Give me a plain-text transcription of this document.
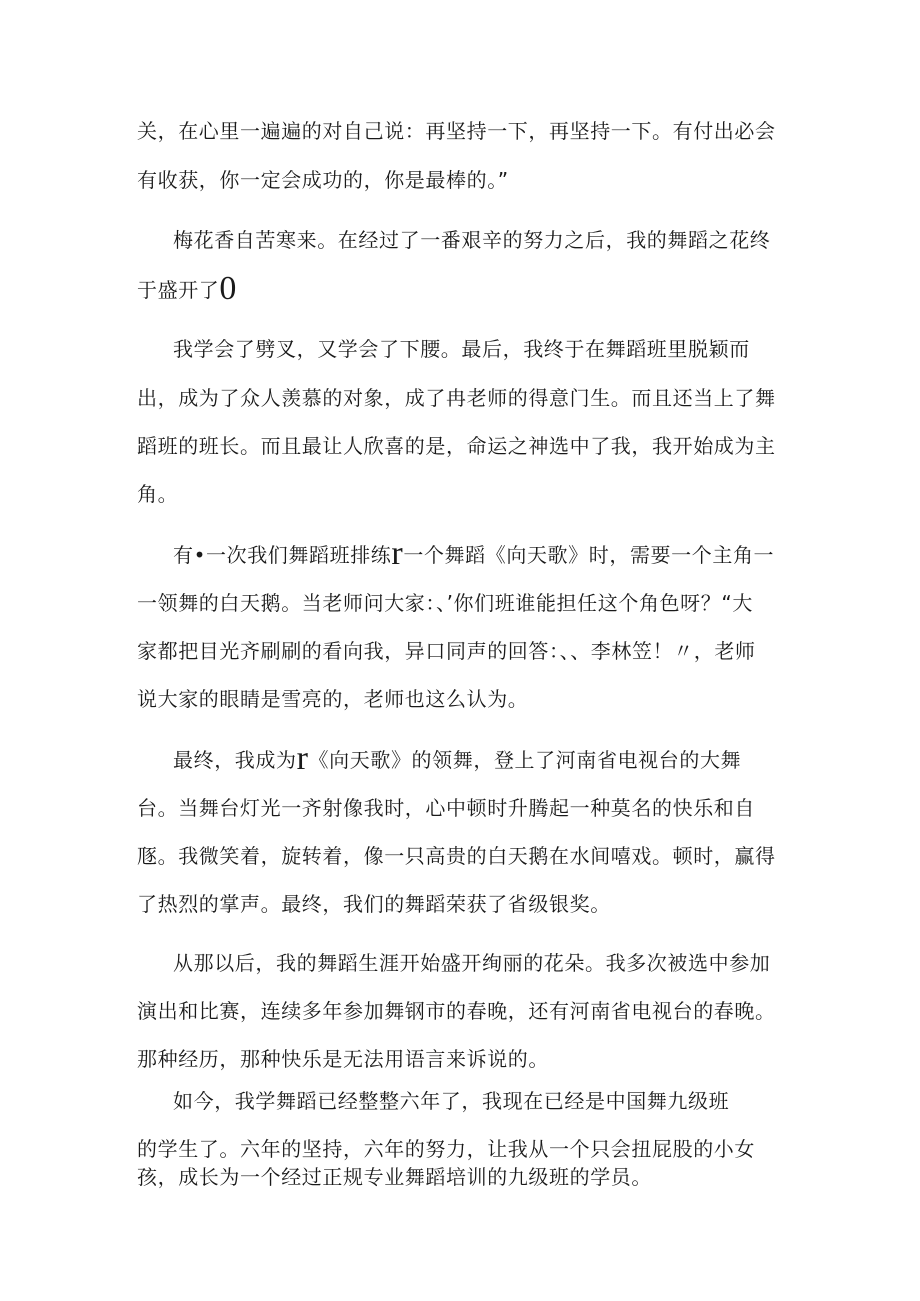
关，在心里一遍遍的对自己说：再坚持一下，再坚持一下。有付出必会
有收获，你一定会成功的，你是最棒的。”
梅花香自苦寒来。在经过了一番艰辛的努力之后，我的舞蹈之花终
于盛开了0
我学会了劈叉，又学会了下腰。最后，我终于在舞蹈班里脱颖而
出，成为了众人羡慕的对象，成了冉老师的得意门生。而且还当上了舞
蹈班的班长。而且最让人欣喜的是，命运之神选中了我，我开始成为主
角。
有•一次我们舞蹈班排练r一个舞蹈《向天歌》时，需要一个主角一
一领舞的白天鹅。当老师问大家：、’你们班谁能担任这个角色呀？“大
家都把目光齐刷刷的看向我，异口同声的回答：、、李林笠！〃，老师
说大家的眼睛是雪亮的，老师也这么认为。
最终，我成为r《向天歌》的领舞，登上了河南省电视台的大舞
台。当舞台灯光一齐射像我时，心中顿时升腾起一种莫名的快乐和自
豗。我微笑着，旋转着，像一只高贵的白天鹅在水间嘻戏。顿时，赢得
了热烈的掌声。最终，我们的舞蹈荣获了省级银奖。
从那以后，我的舞蹈生涯开始盛开绚丽的花朵。我多次被选中参加
演出和比赛，连续多年参加舞钢市的春晚，还有河南省电视台的春晚。
那种经历，那种快乐是无法用语言来诉说的。
如今，我学舞蹈已经整整六年了，我现在已经是中国舞九级班
的学生了。六年的坚持，六年的努力，让我从一个只会扭屁股的小女
孩，成长为一个经过正规专业舞蹈培训的九级班的学员。
